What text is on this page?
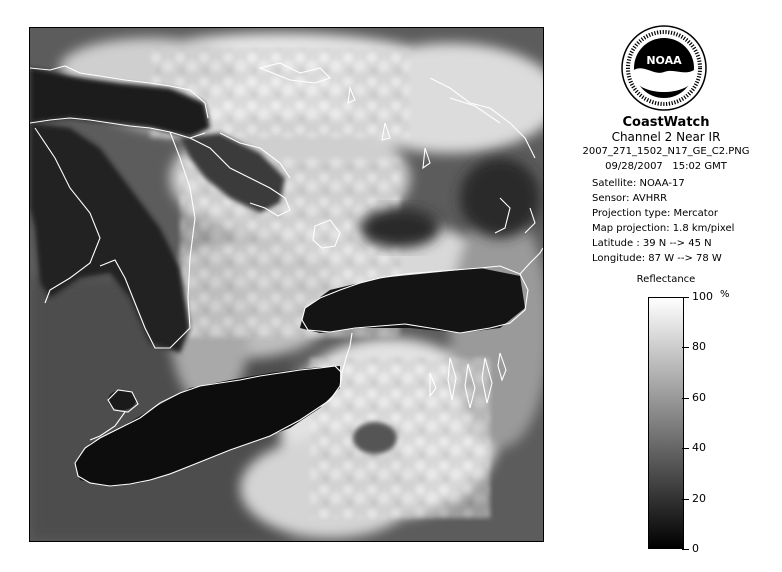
NOAA
CoastWatch
Channel 2 Near IR
2007_271_1502_N17_GE_C2.PNG
09/28/2007 15:02 GMT
Satellite: NOAA-17
Sensor: AVHRR
Projection type: Mercator
Map projection: 1.8 km/pixel
Latitude : 39 N --> 45 N
Longitude: 87 W --> 78 W
Reflectance
%
100
80
60
40
20
0
